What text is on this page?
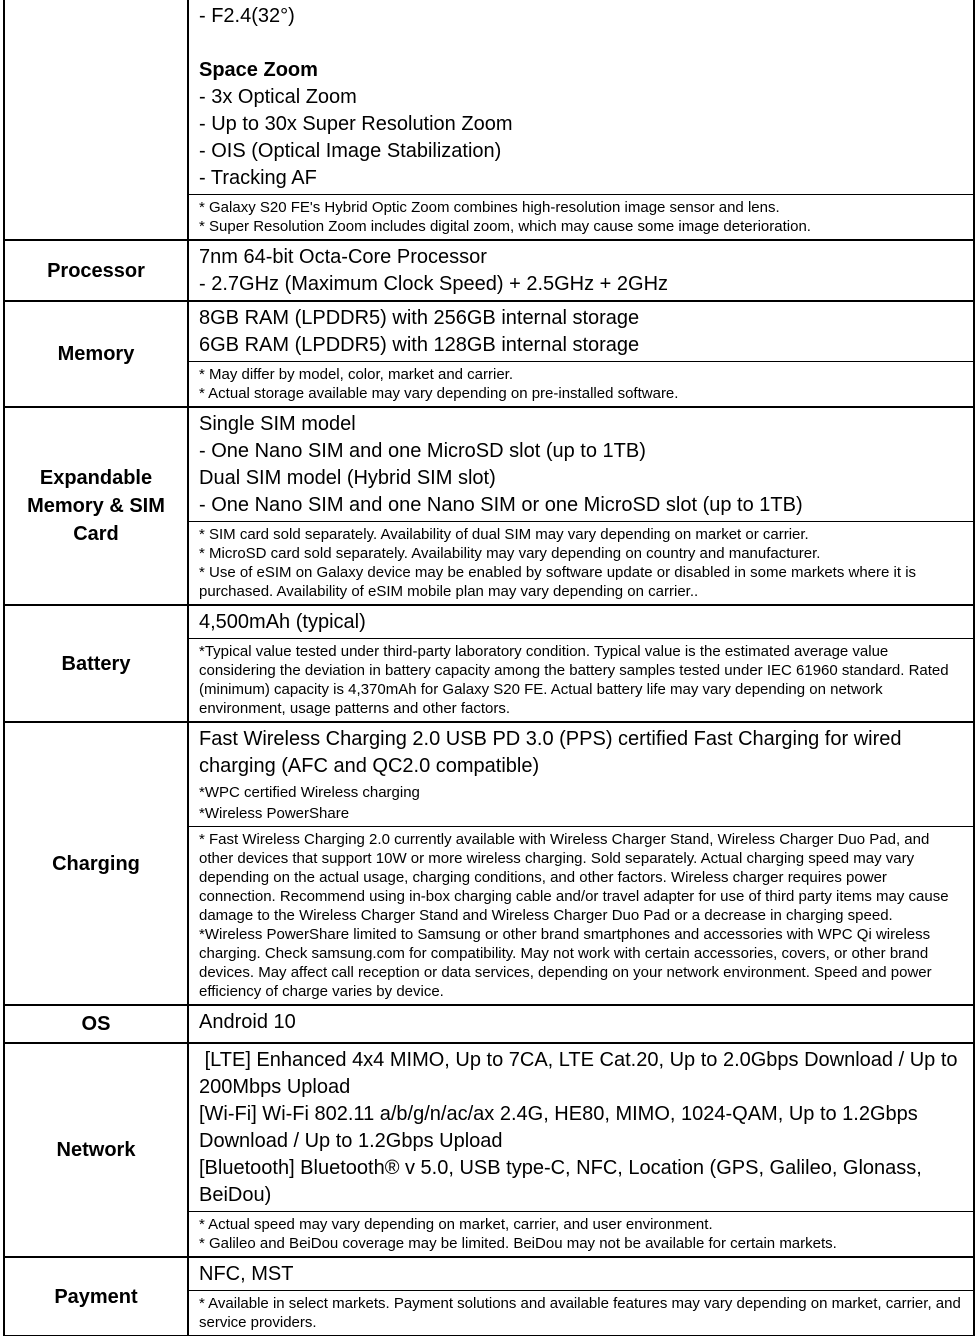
- F2.4(32°)

Space Zoom
- 3x Optical Zoom
- Up to 30x Super Resolution Zoom
- OIS (Optical Image Stabilization)
- Tracking AF
* Galaxy S20 FE's Hybrid Optic Zoom combines high-resolution image sensor and lens.
* Super Resolution Zoom includes digital zoom, which may cause some image deterioration.
Processor
7nm 64-bit Octa-Core Processor
- 2.7GHz (Maximum Clock Speed) + 2.5GHz + 2GHz
Memory
8GB RAM (LPDDR5) with 256GB internal storage
6GB RAM (LPDDR5) with 128GB internal storage
* May differ by model, color, market and carrier.
* Actual storage available may vary depending on pre-installed software.
Expandable Memory & SIM Card
Single SIM model
- One Nano SIM and one MicroSD slot (up to 1TB)
Dual SIM model (Hybrid SIM slot)
- One Nano SIM and one Nano SIM or one MicroSD slot (up to 1TB)
* SIM card sold separately. Availability of dual SIM may vary depending on market or carrier.
* MicroSD card sold separately. Availability may vary depending on country and manufacturer.
* Use of eSIM on Galaxy device may be enabled by software update or disabled in some markets where it is purchased. Availability of eSIM mobile plan may vary depending on carrier..
Battery
4,500mAh (typical)
*Typical value tested under third-party laboratory condition. Typical value is the estimated average value considering the deviation in battery capacity among the battery samples tested under IEC 61960 standard. Rated (minimum) capacity is 4,370mAh for Galaxy S20 FE. Actual battery life may vary depending on network environment, usage patterns and other factors.
Charging
Fast Wireless Charging 2.0 USB PD 3.0 (PPS) certified Fast Charging for wired charging (AFC and QC2.0 compatible)
*WPC certified Wireless charging
*Wireless PowerShare
* Fast Wireless Charging 2.0 currently available with Wireless Charger Stand, Wireless Charger Duo Pad, and other devices that support 10W or more wireless charging. Sold separately. Actual charging speed may vary depending on the actual usage, charging conditions, and other factors. Wireless charger requires power connection. Recommend using in-box charging cable and/or travel adapter for use of third party items may cause damage to the Wireless Charger Stand and Wireless Charger Duo Pad or a decrease in charging speed.
*Wireless PowerShare limited to Samsung or other brand smartphones and accessories with WPC Qi wireless charging. Check samsung.com for compatibility. May not work with certain accessories, covers, or other brand devices. May affect call reception or data services, depending on your network environment. Speed and power efficiency of charge varies by device.
OS	Android 10
Network
[LTE] Enhanced 4x4 MIMO, Up to 7CA, LTE Cat.20, Up to 2.0Gbps Download / Up to 200Mbps Upload
[Wi-Fi] Wi-Fi 802.11 a/b/g/n/ac/ax 2.4G, HE80, MIMO, 1024-QAM, Up to 1.2Gbps Download / Up to 1.2Gbps Upload
[Bluetooth] Bluetooth® v 5.0, USB type-C, NFC, Location (GPS, Galileo, Glonass, BeiDou)
* Actual speed may vary depending on market, carrier, and user environment.
* Galileo and BeiDou coverage may be limited. BeiDou may not be available for certain markets.
Payment
NFC, MST
* Available in select markets. Payment solutions and available features may vary depending on market, carrier, and service providers.
